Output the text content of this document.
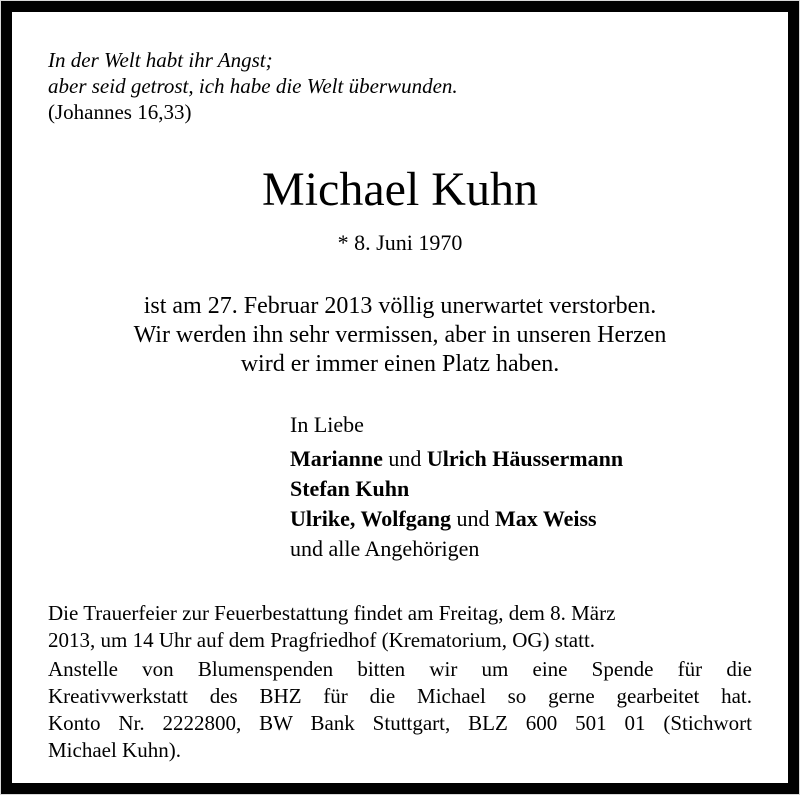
In der Welt habt ihr Angst;
aber seid getrost, ich habe die Welt überwunden.
(Johannes 16,33)
Michael Kuhn
* 8. Juni 1970
ist am 27. Februar 2013 völlig unerwartet verstorben.
Wir werden ihn sehr vermissen, aber in unseren Herzen
wird er immer einen Platz haben.
In Liebe
Marianne und Ulrich Häussermann
Stefan Kuhn
Ulrike, Wolfgang und Max Weiss
und alle Angehörigen
Die Trauerfeier zur Feuerbestattung findet am Freitag, dem 8. März
2013, um 14 Uhr auf dem Pragfriedhof (Krematorium, OG) statt.
Anstelle von Blumenspenden bitten wir um eine Spende für die
Kreativwerkstatt des BHZ für die Michael so gerne gearbeitet hat.
Konto Nr. 2222800, BW Bank Stuttgart, BLZ 600 501 01 (Stichwort
Michael Kuhn).
